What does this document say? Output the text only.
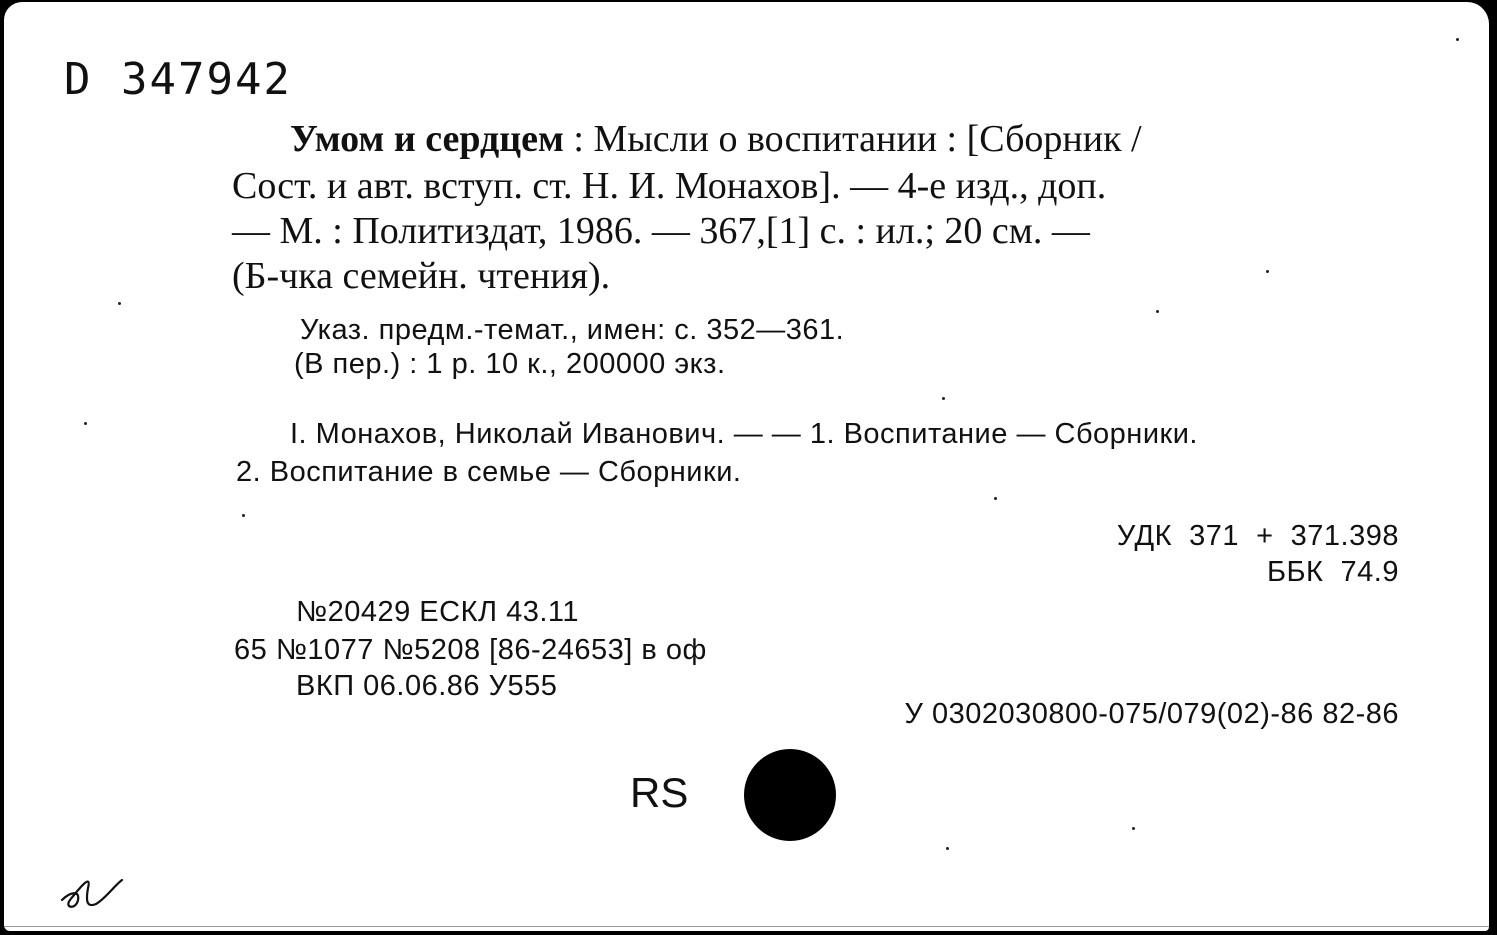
D 347942
Умом и сердцем : Мысли о воспитании : [Сборник /
Сост. и авт. вступ. ст. Н. И. Монахов]. — 4-е изд., доп.
— М. : Политиздат, 1986. — 367,[1] с. : ил.; 20 см. —
(Б-чка семейн. чтения).
Указ. предм.-темат., имен: с. 352—361.
(В пер.) : 1 р. 10 к., 200000 экз.
I. Монахов, Николай Иванович. — — 1. Воспитание — Сборники.
2. Воспитание в семье — Сборники.
УДК  371  +  371.398
ББК  74.9
№20429 ЕСКЛ 43.11
65 №1077 №5208 [86-24653] в оф
ВКП 06.06.86 У555
У 0302030800-075/079(02)-86 82-86
RS
